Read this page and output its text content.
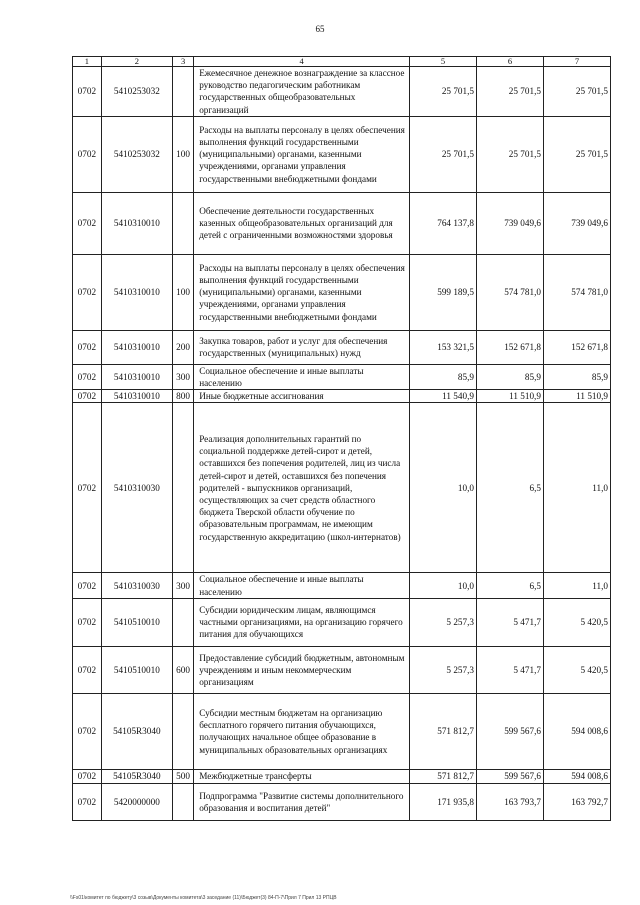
65
1	2	3	4	5	6	7
0702	5410253032		Ежемесячное денежное вознаграждение за классное руководство педагогическим работникам государственных общеобразовательных организаций	25 701,5	25 701,5	25 701,5
0702	5410253032	100	Расходы на выплаты персоналу в целях обеспечения выполнения функций государственными (муниципальными) органами, казенными учреждениями, органами управления государственными внебюджетными фондами	25 701,5	25 701,5	25 701,5
0702	5410310010		Обеспечение деятельности государственных казенных общеобразовательных организаций для детей с ограниченными возможностями здоровья	764 137,8	739 049,6	739 049,6
0702	5410310010	100	Расходы на выплаты персоналу в целях обеспечения выполнения функций государственными (муниципальными) органами, казенными учреждениями, органами управления государственными внебюджетными фондами	599 189,5	574 781,0	574 781,0
0702	5410310010	200	Закупка товаров, работ и услуг для обеспечения государственных (муниципальных) нужд	153 321,5	152 671,8	152 671,8
0702	5410310010	300	Социальное обеспечение и иные выплаты населению	85,9	85,9	85,9
0702	5410310010	800	Иные бюджетные ассигнования	11 540,9	11 510,9	11 510,9
0702	5410310030		Реализация дополнительных гарантий по социальной поддержке детей-сирот и детей, оставшихся без попечения родителей, лиц из числа детей-сирот и детей, оставшихся без попечения родителей - выпускников организаций, осуществляющих за счет средств областного бюджета Тверской области обучение по образовательным программам, не имеющим государственную аккредитацию (школ-интернатов)	10,0	6,5	11,0
0702	5410310030	300	Социальное обеспечение и иные выплаты населению	10,0	6,5	11,0
0702	5410510010		Субсидии юридическим лицам, являющимся частными организациями, на организацию горячего питания для обучающихся	5 257,3	5 471,7	5 420,5
0702	5410510010	600	Предоставление субсидий бюджетным, автономным учреждениям и иным некоммерческим организациям	5 257,3	5 471,7	5 420,5
0702	54105R3040		Субсидии местным бюджетам на организацию бесплатного горячего питания обучающихся, получающих начальное общее образование в муниципальных образовательных организациях	571 812,7	599 567,6	594 008,6
0702	54105R3040	500	Межбюджетные трансферты	571 812,7	599 567,6	594 008,6
0702	5420000000		Подпрограмма "Развитие системы дополнительного образования и воспитания детей"	171 935,8	163 793,7	163 792,7
\\Fs01\комитет по бюджету\3 созыв\Документы комитета\3 заседание (11)\Бюджет(3) 84-П-7\Прил 7 Прил 13 РПЦВ
